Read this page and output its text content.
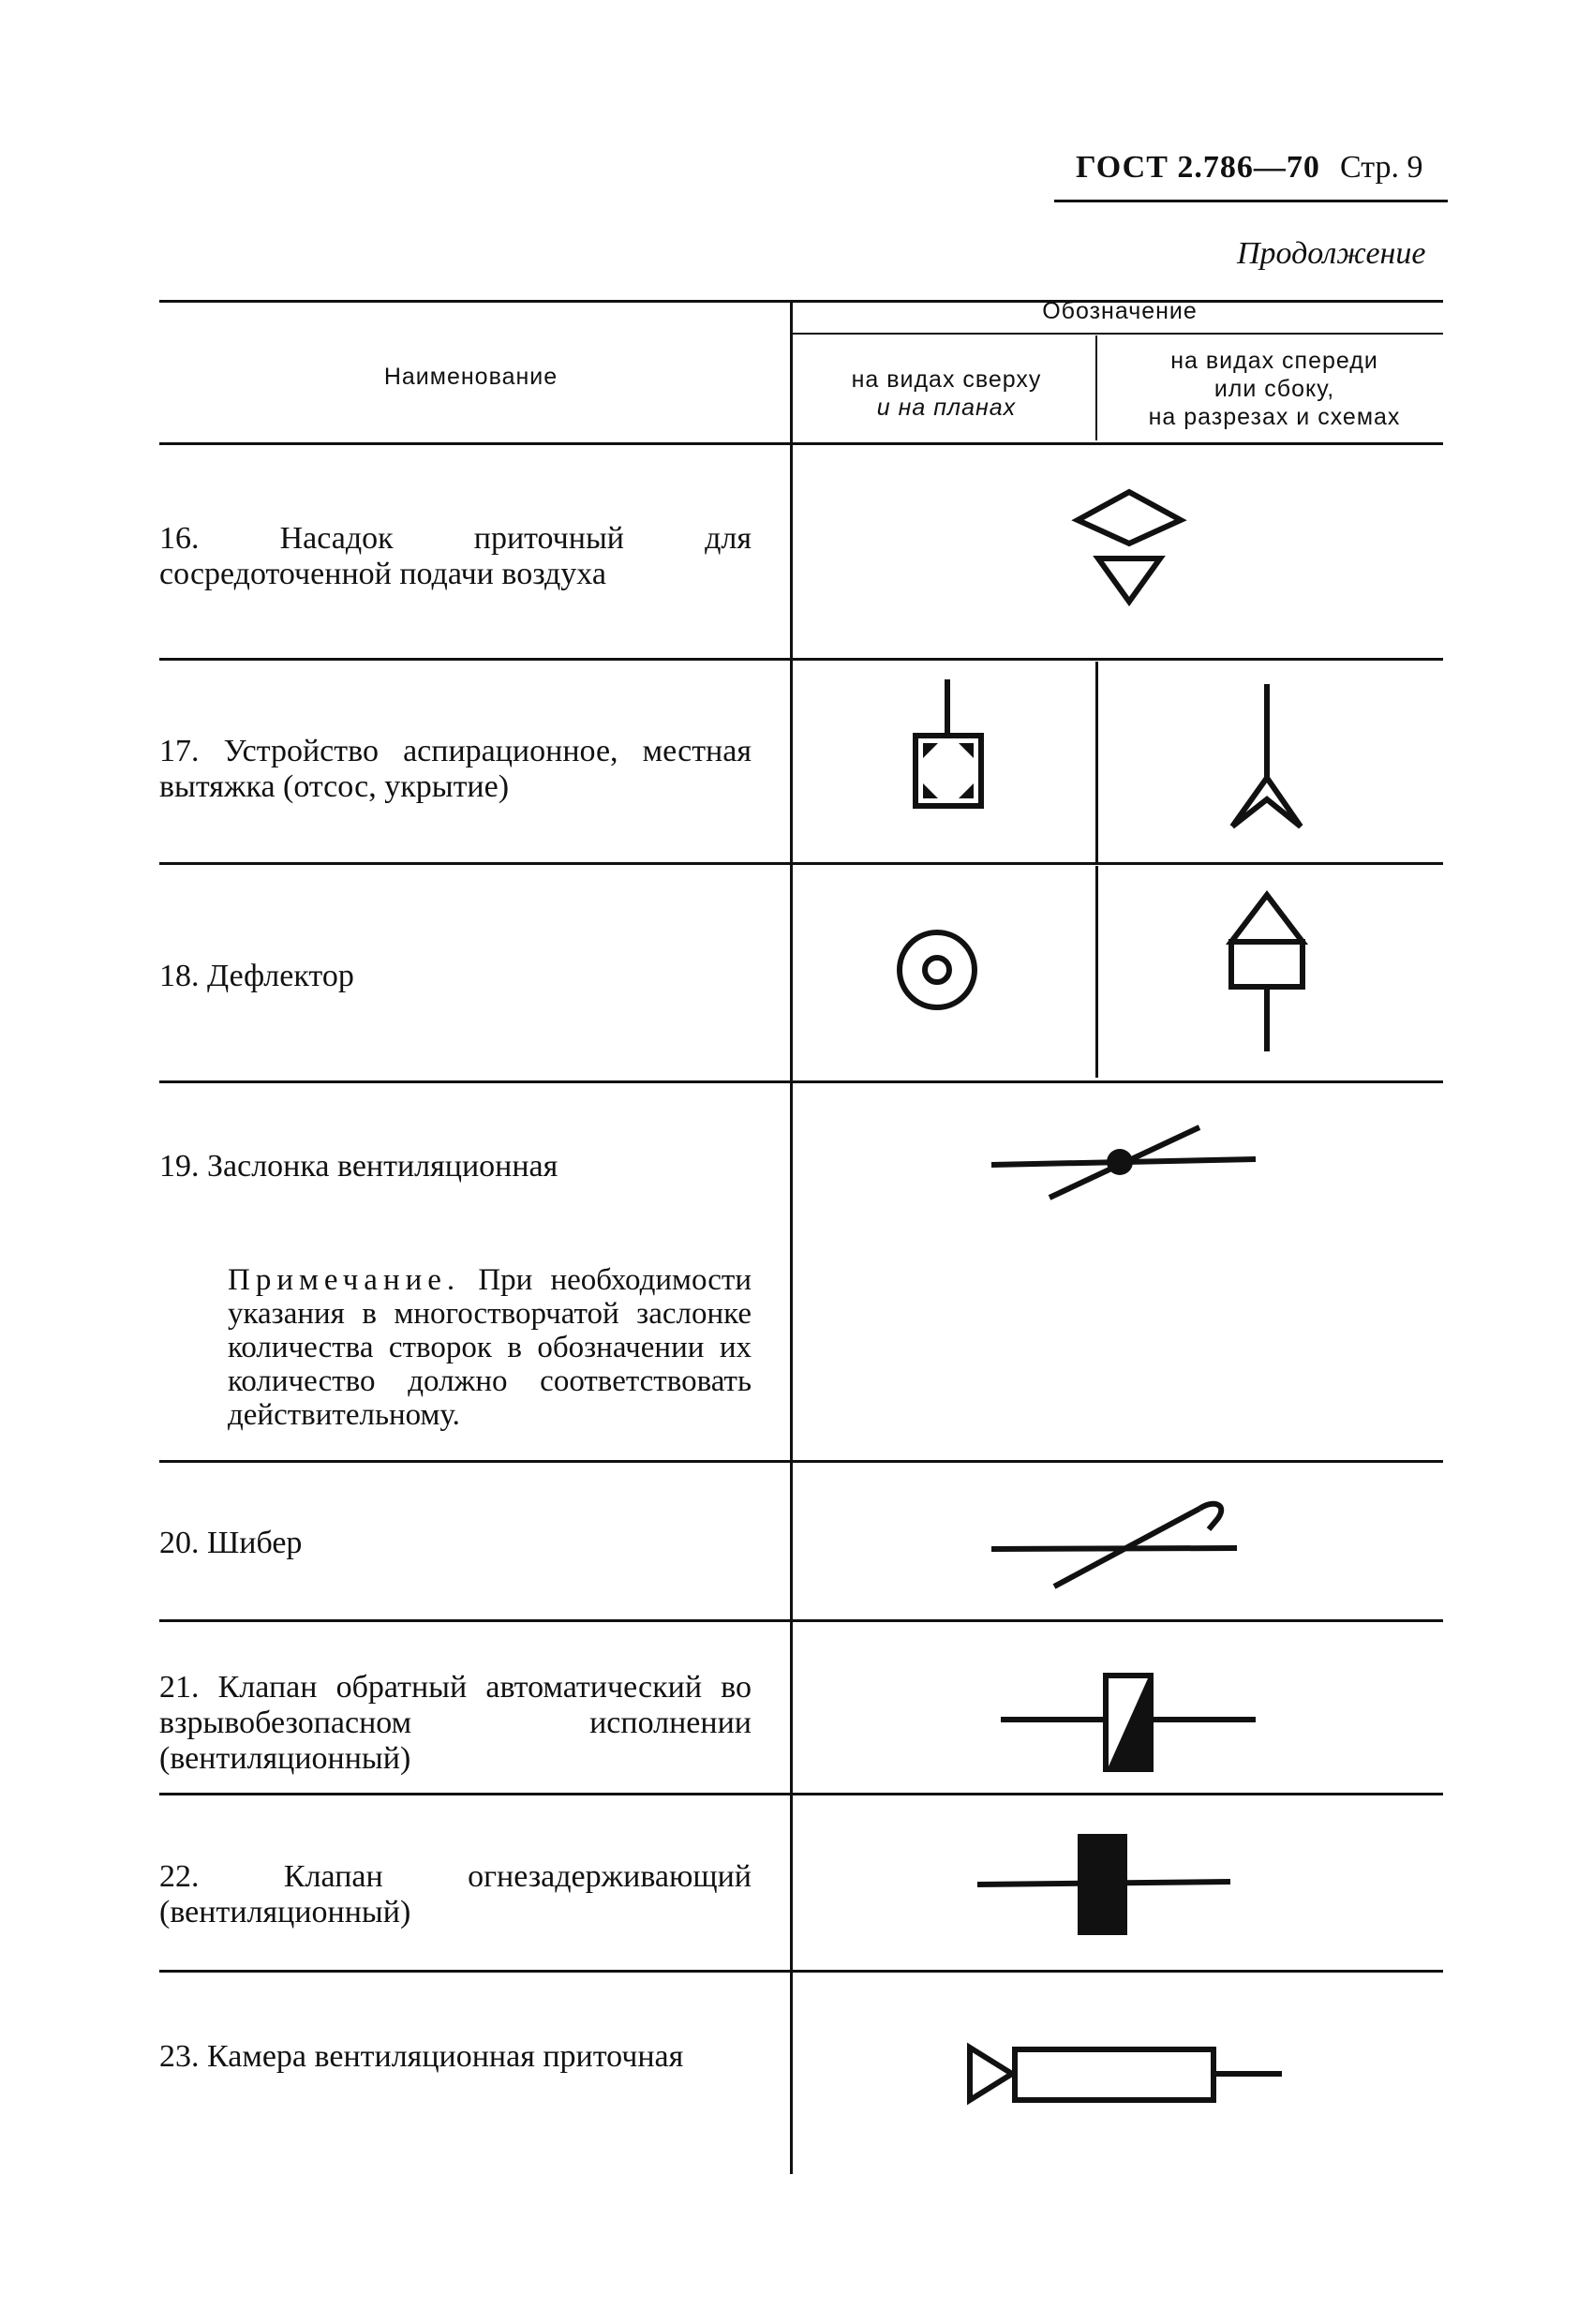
ГОСТ 2.786—70 Стр. 9
Продолжение
Наименование
Обозначение
на видах сверху
и на планах
на видах спереди
или сбоку,
на разрезах и схемах
16. Насадок приточный для сосредоточенной подачи воздуха
17. Устройство аспирационное, местная вытяжка (отсос, укрытие)
18. Дефлектор
19. Заслонка вентиляционная
Примечание. При необходимости указания в многостворчатой заслонке количества створок в обозначении их количество должно соответствовать действительному.
20. Шибер
21. Клапан обратный автоматический во взрывобезопасном исполнении (вентиляционный)
22. Клапан огнезадерживающий (вентиляционный)
23. Камера вентиляционная приточная
